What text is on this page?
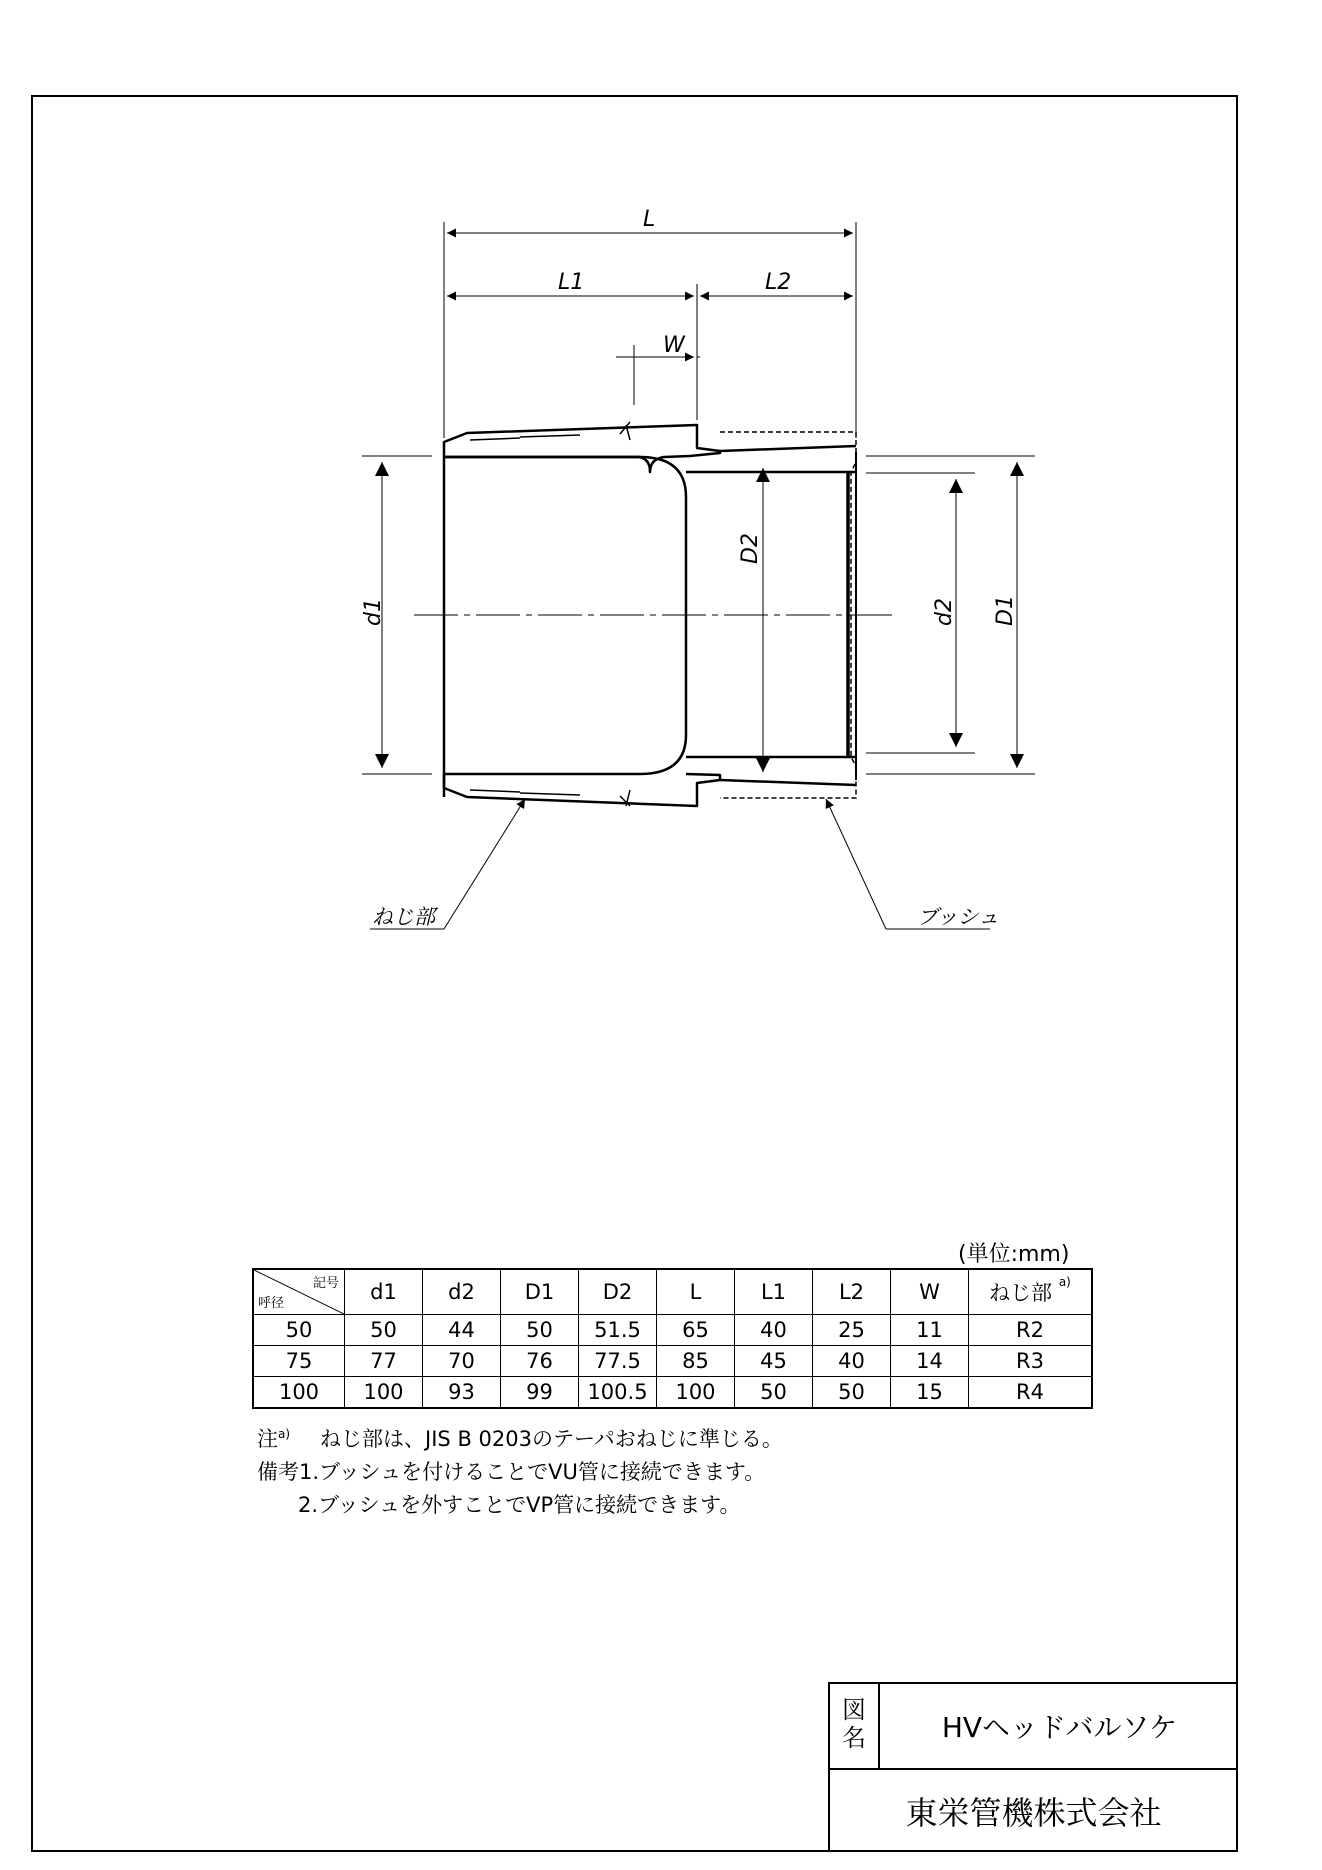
L
L1	L2
W
d1
D2
d2 D1
ねじ部	ブッシュ
(単位:mm)
記号
呼径	d1	d2	D1	D2	L	L1	L2	W	ねじ部 $^{a)}$
50	50	44	50	51.5	65	40	25	11	R2
75	77	70	76	77.5	85	45	40	14	R3
100	100	93	99	100.5	100	50	50	15	R4
注$^{a)}$ ねじ部は、JIS B 0203のテーパおねじに準じる。
備考1.ブッシュを付けることでVU管に接続できます。
2.ブッシュを外すことでVP管に接続できます。
図
名	HVヘッドバルソケ
東栄管機株式会社
